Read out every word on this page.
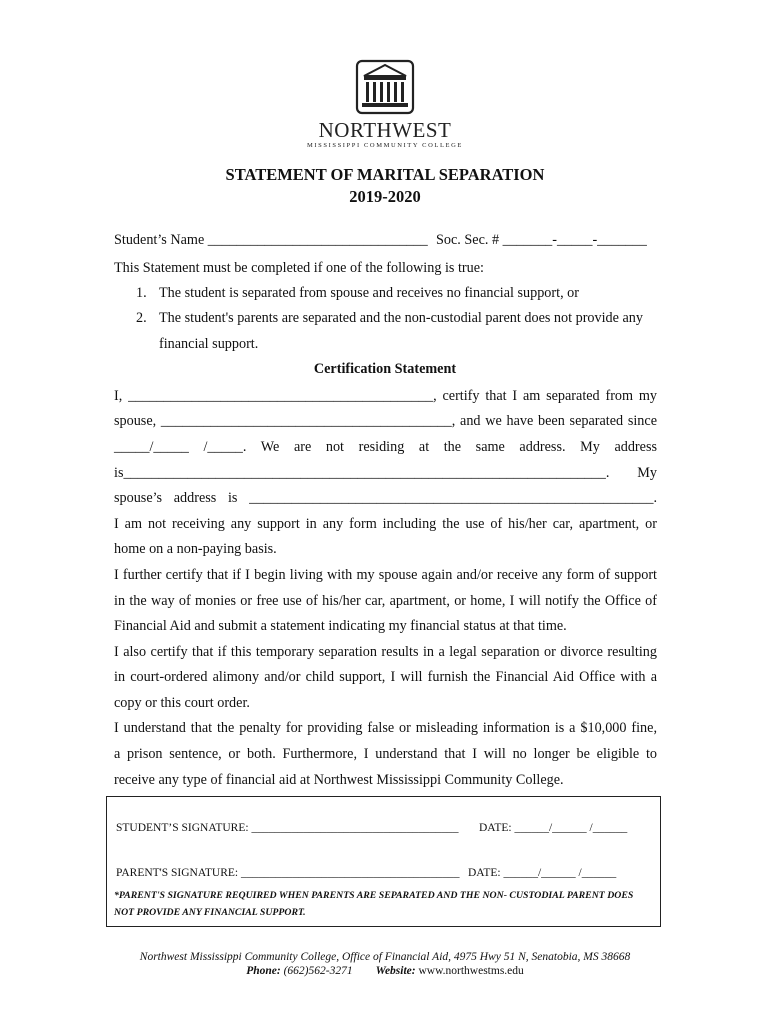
NORTHWEST
MISSISSIPPI COMMUNITY COLLEGE
STATEMENT OF MARITAL SEPARATION
2019-2020
Student’s Name _______________________________ Soc. Sec. # _______-_____-_______
This Statement must be completed if one of the following is true:
1. The student is separated from spouse and receives no financial support, or
2. The student's parents are separated and the non-custodial parent does not provide any
financial support.
Certification Statement
I, ___________________________________________, certify that I am separated from my
spouse, _________________________________________, and we have been separated since
_____/_____ /_____. We are not residing at the same address. My address
is____________________________________________________________________. My
spouse’s address is _________________________________________________________.
I am not receiving any support in any form including the use of his/her car, apartment, or
home on a non-paying basis.
I further certify that if I begin living with my spouse again and/or receive any form of support
in the way of monies or free use of his/her car, apartment, or home, I will notify the Office of
Financial Aid and submit a statement indicating my financial status at that time.
I also certify that if this temporary separation results in a legal separation or divorce resulting
in court-ordered alimony and/or child support, I will furnish the Financial Aid Office with a
copy or this court order.
I understand that the penalty for providing false or misleading information is a $10,000 fine,
a prison sentence, or both. Furthermore, I understand that I will no longer be eligible to
receive any type of financial aid at Northwest Mississippi Community College.
STUDENT’S SIGNATURE: ____________________________________ DATE: ______/______ /______
PARENT'S SIGNATURE: ______________________________________ DATE: ______/______ /______
*PARENT'S SIGNATURE REQUIRED WHEN PARENTS ARE SEPARATED AND THE NON- CUSTODIAL PARENT DOES
NOT PROVIDE ANY FINANCIAL SUPPORT.
Northwest Mississippi Community College, Office of Financial Aid, 4975 Hwy 51 N, Senatobia, MS 38668
Phone: (662)562-3271 Website: www.northwestms.edu
